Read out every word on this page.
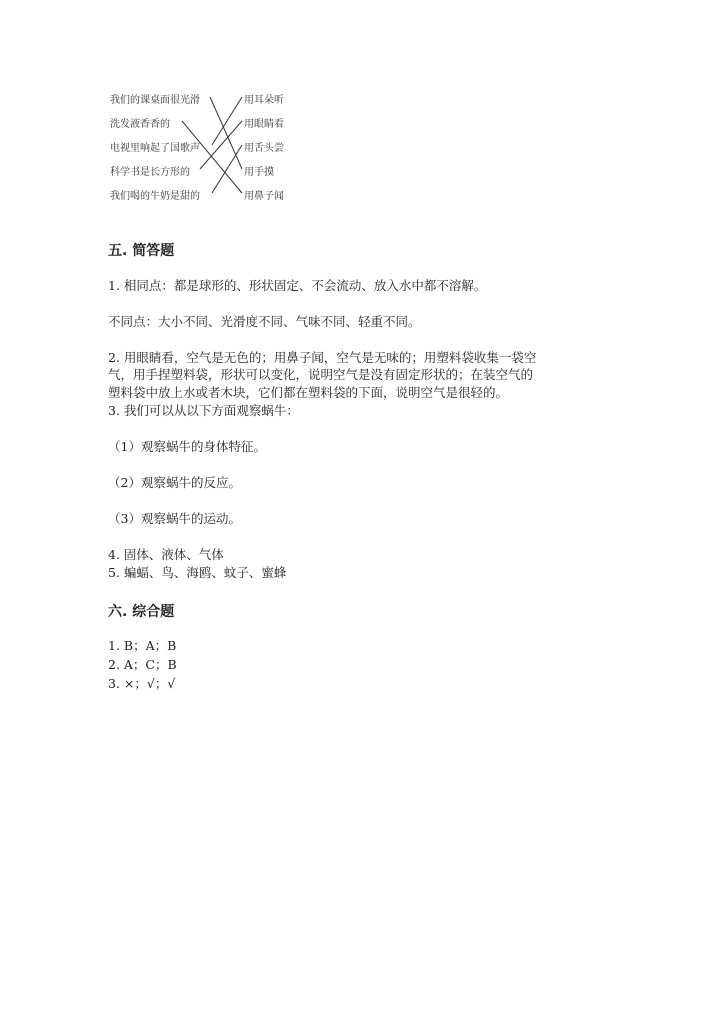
我们的课桌面很光滑
洗发液香香的
电视里响起了国歌声
科学书是长方形的
我们喝的牛奶是甜的
用耳朵听
用眼睛看
用舌头尝
用手摸
用鼻子闻
五. 简答题
1. 相同点：都是球形的、形状固定、不会流动、放入水中都不溶解。
不同点：大小不同、光滑度不同、气味不同、轻重不同。
2. 用眼睛看，空气是无色的；用鼻子闻，空气是无味的；用塑料袋收集一袋空
气，用手捏塑料袋，形状可以变化，说明空气是没有固定形状的；在装空气的
塑料袋中放上水或者木块，它们都在塑料袋的下面，说明空气是很轻的。
3. 我们可以从以下方面观察蜗牛：
（1）观察蜗牛的身体特征。
（2）观察蜗牛的反应。
（3）观察蜗牛的运动。
4. 固体、液体、气体
5. 蝙蝠、鸟、海鸥、蚊子、蜜蜂
六. 综合题
1. B；A；B
2. A；C；B
3. ×；√；√
